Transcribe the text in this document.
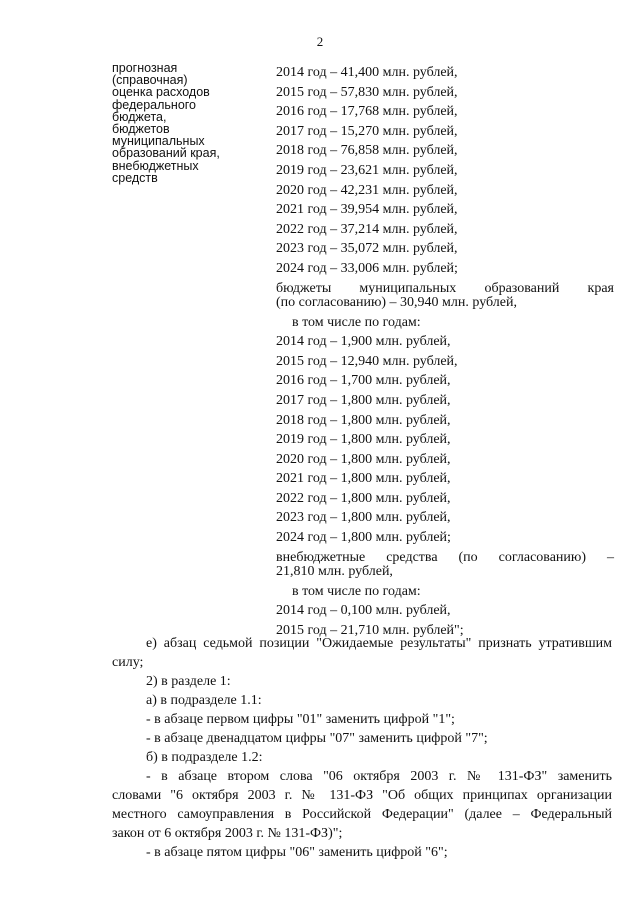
2
прогнозная
(справочная)
оценка расходов
федерального
бюджета,
бюджетов
муниципальных
образований края,
внебюджетных
средств
2014 год – 41,400 млн. рублей,
2015 год – 57,830 млн. рублей,
2016 год – 17,768 млн. рублей,
2017 год – 15,270 млн. рублей,
2018 год – 76,858 млн. рублей,
2019 год – 23,621 млн. рублей,
2020 год – 42,231 млн. рублей,
2021 год – 39,954 млн. рублей,
2022 год – 37,214 млн. рублей,
2023 год – 35,072 млн. рублей,
2024 год – 33,006 млн. рублей;
бюджеты муниципальных образований края
(по согласованию) – 30,940 млн. рублей,
в том числе по годам:
2014 год – 1,900 млн. рублей,
2015 год – 12,940 млн. рублей,
2016 год – 1,700 млн. рублей,
2017 год – 1,800 млн. рублей,
2018 год – 1,800 млн. рублей,
2019 год – 1,800 млн. рублей,
2020 год – 1,800 млн. рублей,
2021 год – 1,800 млн. рублей,
2022 год – 1,800 млн. рублей,
2023 год – 1,800 млн. рублей,
2024 год – 1,800 млн. рублей;
внебюджетные средства (по согласованию) –
21,810 млн. рублей,
в том числе по годам:
2014 год – 0,100 млн. рублей,
2015 год – 21,710 млн. рублей";
е) абзац седьмой позиции "Ожидаемые результаты" признать утратившим
силу;
2) в разделе 1:
а) в подразделе 1.1:
- в абзаце первом цифры "01" заменить цифрой "1";
- в абзаце двенадцатом цифры "07" заменить цифрой "7";
б) в подразделе 1.2:
- в абзаце втором слова "06 октября 2003 г. № 131-ФЗ" заменить
словами "6 октября 2003 г. № 131-ФЗ "Об общих принципах организации
местного самоуправления в Российской Федерации" (далее – Федеральный
закон от 6 октября 2003 г. № 131-ФЗ)";
- в абзаце пятом цифры "06" заменить цифрой "6";
